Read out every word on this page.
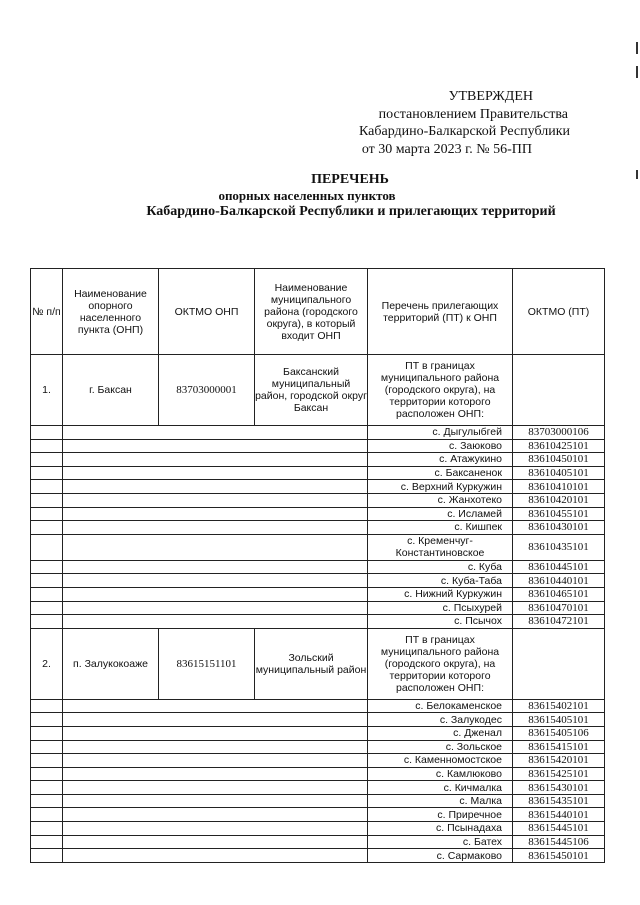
УТВЕРЖДЕН
постановлением Правительства
Кабардино-Балкарской Республики
от 30 марта 2023 г. № 56-ПП
ПЕРЕЧЕНЬ
опорных населенных пунктов
Кабардино-Балкарской Республики и прилегающих территорий
№ п/п	Наименование опорного населенного пункта (ОНП)	ОКТМО ОНП	Наименование муниципального района (городского округа), в который входит ОНП	Перечень прилегающих территорий (ПТ) к ОНП	ОКТМО (ПТ)
1.	г. Баксан	83703000001	Баксанский муниципальный район, городской округ Баксан	ПТ в границах муниципального района (городского округа), на территории которого расположен ОНП:	
				с. Дыгулыбгей	83703000106
				с. Заюково	83610425101
				с. Атажукино	83610450101
				с. Баксаненок	83610405101
				с. Верхний Куркужин	83610410101
				с. Жанхотеко	83610420101
				с. Исламей	83610455101
				с. Кишпек	83610430101
				с. Кременчуг-Константиновское	83610435101
				с. Куба	83610445101
				с. Куба-Таба	83610440101
				с. Нижний Куркужин	83610465101
				с. Псыхурей	83610470101
				с. Псычох	83610472101
2.	п. Залукокоаже	83615151101	Зольский муниципальный район	ПТ в границах муниципального района (городского округа), на территории которого расположен ОНП:	
				с. Белокаменское	83615402101
				с. Залукодес	83615405101
				с. Дженал	83615405106
				с. Зольское	83615415101
				с. Каменномостское	83615420101
				с. Камлюково	83615425101
				с. Кичмалка	83615430101
				с. Малка	83615435101
				с. Приречное	83615440101
				с. Псынадаха	83615445101
				с. Батех	83615445106
				с. Сармаково	83615450101
